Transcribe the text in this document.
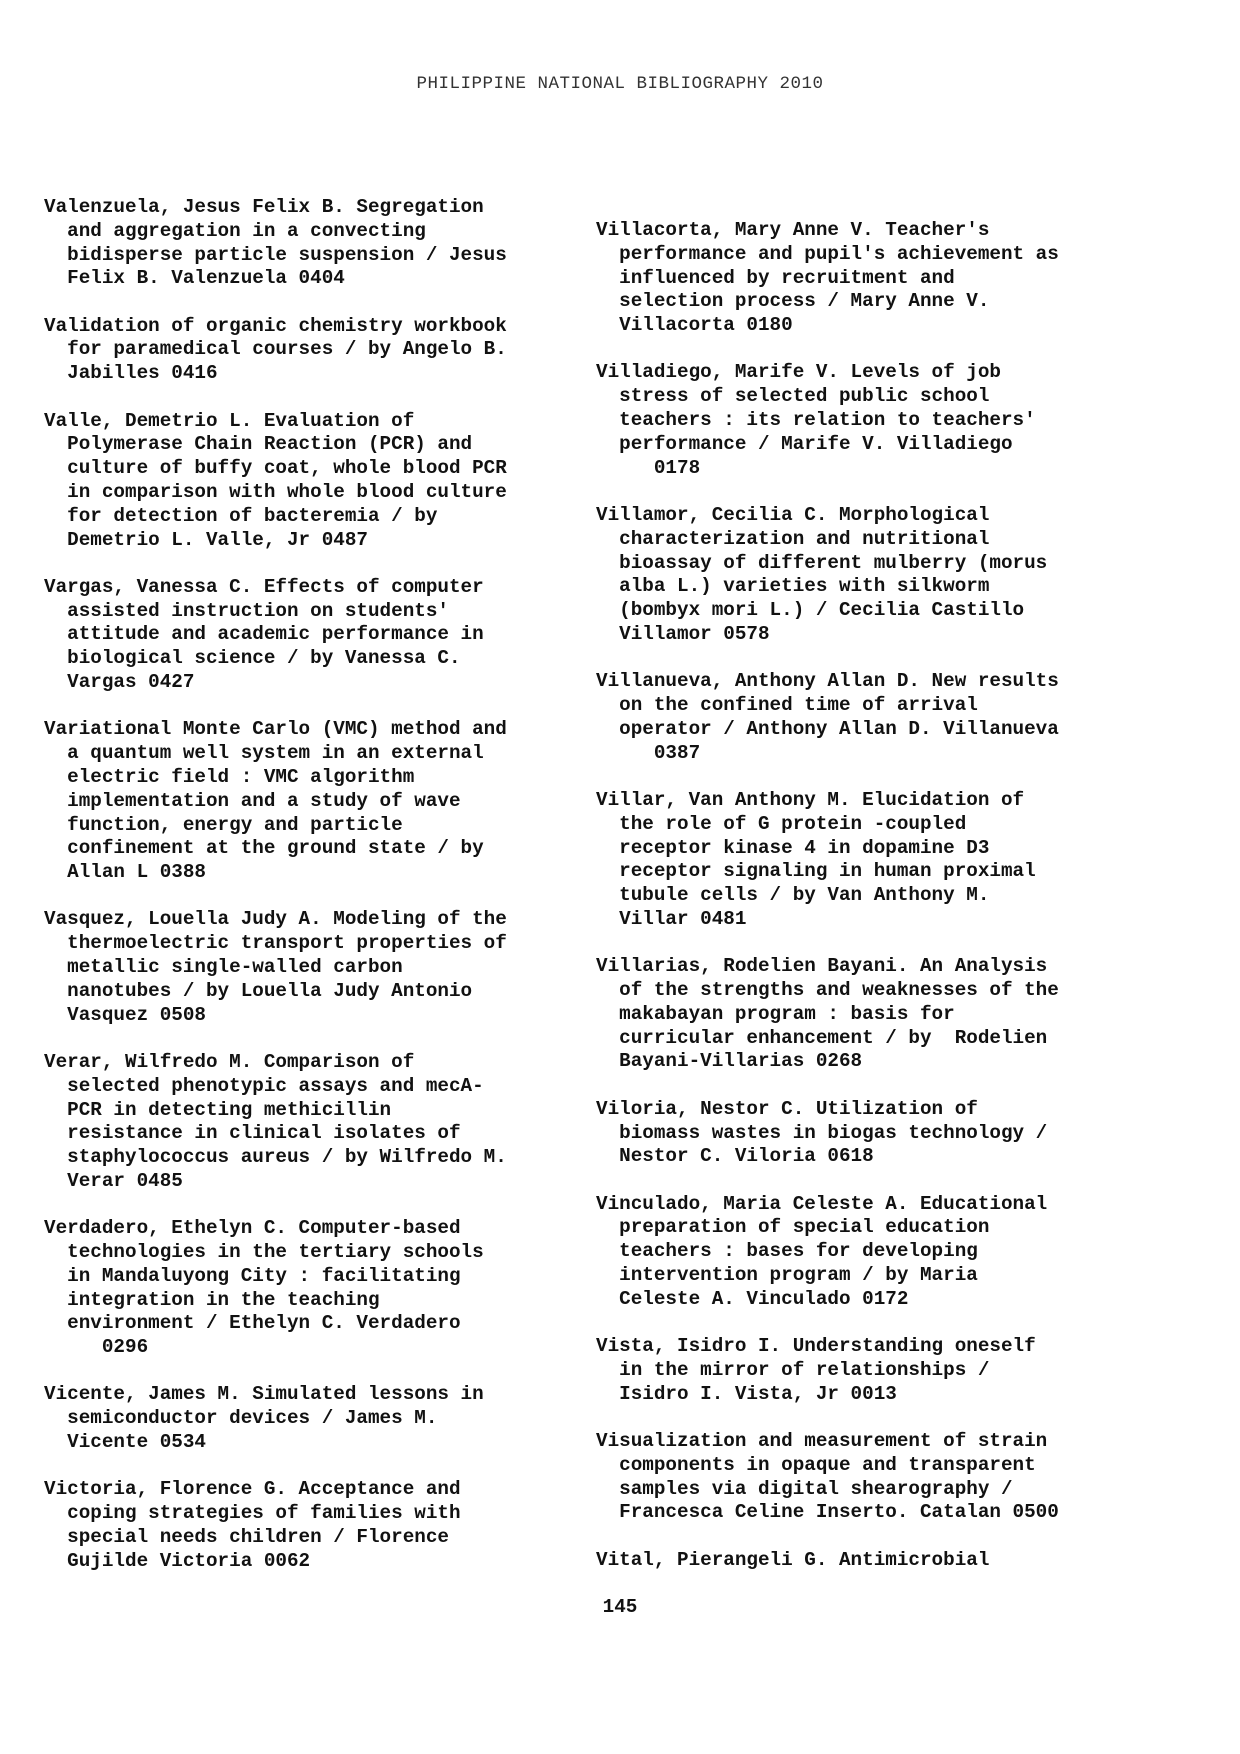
PHILIPPINE NATIONAL BIBLIOGRAPHY 2010
Valenzuela, Jesus Felix B. Segregation
and aggregation in a convecting
bidisperse particle suspension / Jesus
Felix B. Valenzuela 0404
Validation of organic chemistry workbook
for paramedical courses / by Angelo B.
Jabilles 0416
Valle, Demetrio L. Evaluation of
Polymerase Chain Reaction (PCR) and
culture of buffy coat, whole blood PCR
in comparison with whole blood culture
for detection of bacteremia / by
Demetrio L. Valle, Jr 0487
Vargas, Vanessa C. Effects of computer
assisted instruction on students'
attitude and academic performance in
biological science / by Vanessa C.
Vargas 0427
Variational Monte Carlo (VMC) method and
a quantum well system in an external
electric field : VMC algorithm
implementation and a study of wave
function, energy and particle
confinement at the ground state / by
Allan L 0388
Vasquez, Louella Judy A. Modeling of the
thermoelectric transport properties of
metallic single-walled carbon
nanotubes / by Louella Judy Antonio
Vasquez 0508
Verar, Wilfredo M. Comparison of
selected phenotypic assays and mecA-
PCR in detecting methicillin
resistance in clinical isolates of
staphylococcus aureus / by Wilfredo M.
Verar 0485
Verdadero, Ethelyn C. Computer-based
technologies in the tertiary schools
in Mandaluyong City : facilitating
integration in the teaching
environment / Ethelyn C. Verdadero
0296
Vicente, James M. Simulated lessons in
semiconductor devices / James M.
Vicente 0534
Victoria, Florence G. Acceptance and
coping strategies of families with
special needs children / Florence
Gujilde Victoria 0062
Villacorta, Mary Anne V. Teacher's
performance and pupil's achievement as
influenced by recruitment and
selection process / Mary Anne V.
Villacorta 0180
Villadiego, Marife V. Levels of job
stress of selected public school
teachers : its relation to teachers'
performance / Marife V. Villadiego
0178
Villamor, Cecilia C. Morphological
characterization and nutritional
bioassay of different mulberry (morus
alba L.) varieties with silkworm
(bombyx mori L.) / Cecilia Castillo
Villamor 0578
Villanueva, Anthony Allan D. New results
on the confined time of arrival
operator / Anthony Allan D. Villanueva
0387
Villar, Van Anthony M. Elucidation of
the role of G protein -coupled
receptor kinase 4 in dopamine D3
receptor signaling in human proximal
tubule cells / by Van Anthony M.
Villar 0481
Villarias, Rodelien Bayani. An Analysis
of the strengths and weaknesses of the
makabayan program : basis for
curricular enhancement / by  Rodelien
Bayani-Villarias 0268
Viloria, Nestor C. Utilization of
biomass wastes in biogas technology /
Nestor C. Viloria 0618
Vinculado, Maria Celeste A. Educational
preparation of special education
teachers : bases for developing
intervention program / by Maria
Celeste A. Vinculado 0172
Vista, Isidro I. Understanding oneself
in the mirror of relationships /
Isidro I. Vista, Jr 0013
Visualization and measurement of strain
components in opaque and transparent
samples via digital shearography /
Francesca Celine Inserto. Catalan 0500
Vital, Pierangeli G. Antimicrobial
145
